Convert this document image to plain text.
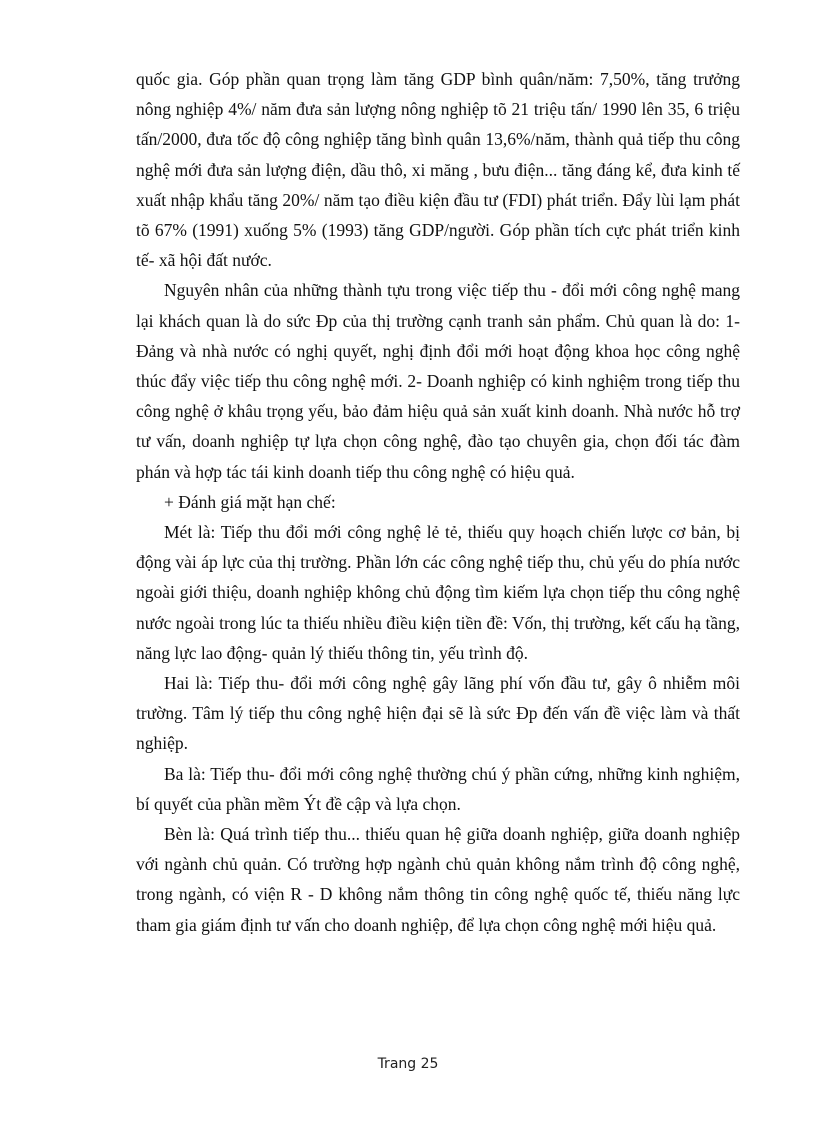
quốc gia. Góp phần quan trọng làm tăng GDP bình quân/năm: 7,50%, tăng trưởng nông nghiệp 4%/ năm đưa sản lượng nông nghiệp tõ 21 triệu tấn/ 1990 lên 35, 6 triệu tấn/2000, đưa tốc độ công nghiệp tăng bình quân 13,6%/năm, thành quả tiếp thu công nghệ mới đưa sản lượng điện, dầu thô, xi măng , bưu điện... tăng đáng kể, đưa kinh tế xuất nhập khẩu tăng 20%/ năm tạo điều kiện đầu tư (FDI) phát triển. Đẩy lùi lạm phát tõ 67% (1991) xuống 5% (1993) tăng GDP/người. Góp phần tích cực phát triển kinh tế- xã hội đất nước.

Nguyên nhân của những thành tựu trong việc tiếp thu - đổi mới công nghệ mang lại khách quan là do sức Đp của thị trường cạnh tranh sản phẩm. Chủ quan là do: 1- Đảng và nhà nước có nghị quyết, nghị định đổi mới hoạt động khoa học công nghệ thúc đẩy việc tiếp thu công nghệ mới. 2- Doanh nghiệp có kinh nghiệm trong tiếp thu công nghệ ở khâu trọng yếu, bảo đảm hiệu quả sản xuất kinh doanh. Nhà nước hỗ trợ tư vấn, doanh nghiệp tự lựa chọn công nghệ, đào tạo chuyên gia, chọn đối tác đàm phán và hợp tác tái kinh doanh tiếp thu công nghệ có hiệu quả.

+ Đánh giá mặt hạn chế:

Mét là: Tiếp thu đổi mới công nghệ lẻ tẻ, thiếu quy hoạch chiến lược cơ bản, bị động vài áp lực của thị trường. Phần lớn các công nghệ tiếp thu, chủ yếu do phía nước ngoài giới thiệu, doanh nghiệp không chủ động tìm kiếm lựa chọn tiếp thu công nghệ nước ngoài trong lúc ta thiếu nhiều điều kiện tiền đề: Vốn, thị trường, kết cấu hạ tầng, năng lực lao động- quản lý thiếu thông tin, yếu trình độ.

Hai là: Tiếp thu- đổi mới công nghệ gây lãng phí vốn đầu tư, gây ô nhiễm môi trường. Tâm lý tiếp thu công nghệ hiện đại sẽ là sức Đp đến vấn đề việc làm và thất nghiệp.

Ba là: Tiếp thu- đổi mới công nghệ thường chú ý phần cứng, những kinh nghiệm, bí quyết của phần mềm Ýt đề cập và lựa chọn.

Bèn là: Quá trình tiếp thu... thiếu quan hệ giữa doanh nghiệp, giữa doanh nghiệp với ngành chủ quản. Có trường hợp ngành chủ quản không nắm trình độ công nghệ, trong ngành, có viện R - D không nắm thông tin công nghệ quốc tế, thiếu năng lực tham gia giám định tư vấn cho doanh nghiệp, để lựa chọn công nghệ mới hiệu quả.

Trang 25
